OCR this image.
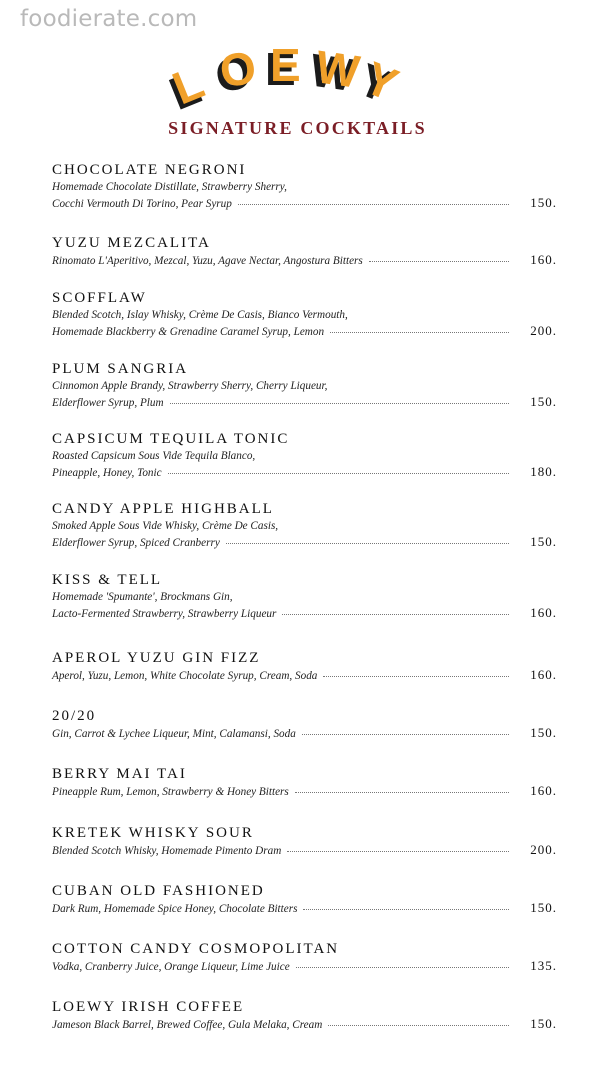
foodierate.com
L O E W
Y
SIGNATURE COCKTAILS
CHOCOLATE NEGRONI
Homemade Chocolate Distillate, Strawberry Sherry,
Cocchi Vermouth Di Torino, Pear Syrup	150.
YUZU MEZCALITA
Rinomato L'Aperitivo, Mezcal, Yuzu, Agave Nectar, Angostura Bitters	160.
SCOFFLAW
Blended Scotch, Islay Whisky, Crème De Casis, Bianco Vermouth,
Homemade Blackberry & Grenadine Caramel Syrup, Lemon	200.
PLUM SANGRIA
Cinnomon Apple Brandy, Strawberry Sherry, Cherry Liqueur,
Elderflower Syrup, Plum	150.
CAPSICUM TEQUILA TONIC
Roasted Capsicum Sous Vide Tequila Blanco,
Pineapple, Honey, Tonic	180.
CANDY APPLE HIGHBALL
Smoked Apple Sous Vide Whisky, Crème De Casis,
Elderflower Syrup, Spiced Cranberry	150.
KISS & TELL
Homemade 'Spumante', Brockmans Gin,
Lacto-Fermented Strawberry, Strawberry Liqueur	160.
APEROL YUZU GIN FIZZ
Aperol, Yuzu, Lemon, White Chocolate Syrup, Cream, Soda	160.
20/20
Gin, Carrot & Lychee Liqueur, Mint, Calamansi, Soda	150.
BERRY MAI TAI
Pineapple Rum, Lemon, Strawberry & Honey Bitters	160.
KRETEK WHISKY SOUR
Blended Scotch Whisky, Homemade Pimento Dram	200.
CUBAN OLD FASHIONED
Dark Rum, Homemade Spice Honey, Chocolate Bitters	150.
COTTON CANDY COSMOPOLITAN
Vodka, Cranberry Juice, Orange Liqueur, Lime Juice	135.
LOEWY IRISH COFFEE
Jameson Black Barrel, Brewed Coffee, Gula Melaka, Cream	150.
